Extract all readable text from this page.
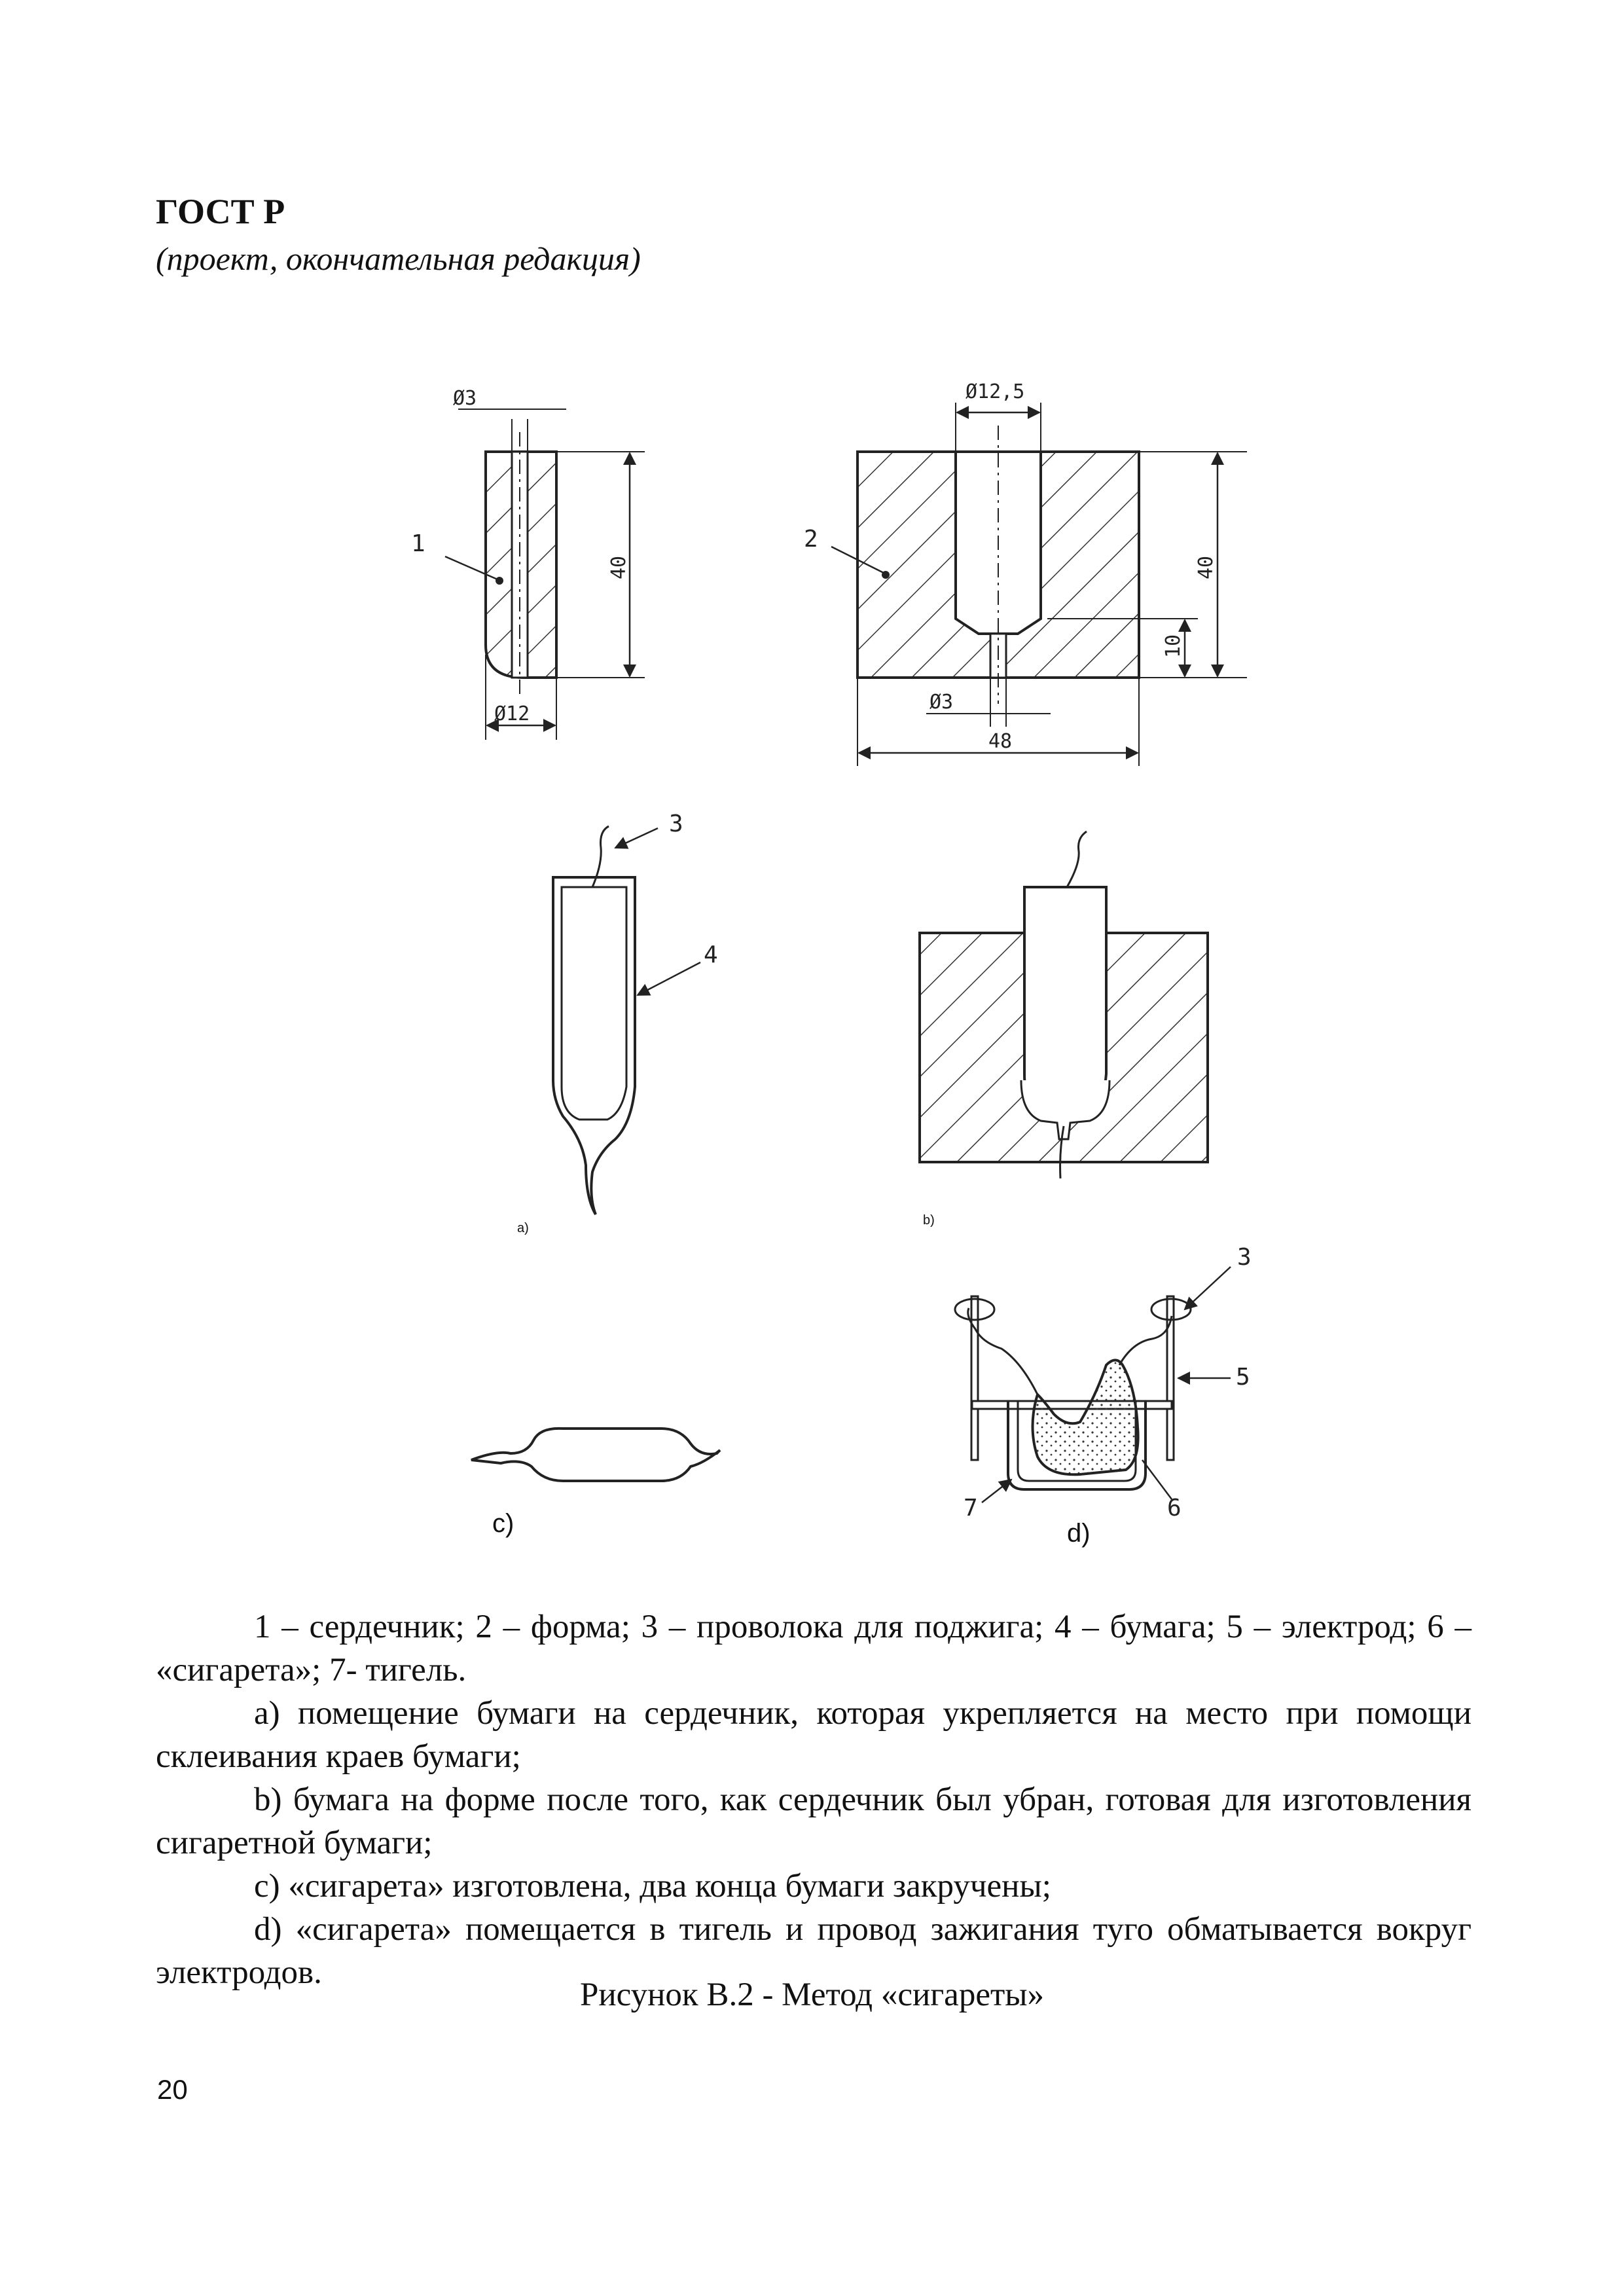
ГОСТ Р
(проект, окончательная редакция)
Ø3
40
Ø12
1
Ø12,5
40
10
Ø3
48
2
3
4
a)
b)
c)
3
5
6
7
d)

1 – сердечник; 2 – форма; 3 – проволока для поджига; 4 – бумага; 5 – электрод; 6 – «сигарета»; 7- тигель.

a) помещение бумаги на сердечник, которая укрепляется на место при помощи склеивания краев бумаги;

b) бумага на форме после того, как сердечник был убран, готовая для изготовления сигаретной бумаги;

c) «сигарета» изготовлена, два конца бумаги закручены;

d) «сигарета» помещается в тигель и провод зажигания туго обматывается вокруг электродов.

Рисунок В.2 - Метод «сигареты»
20
